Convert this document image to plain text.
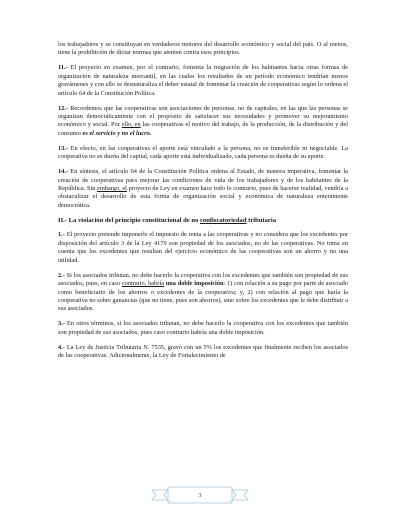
los trabajadores y se constituyan en verdaderos motores del desarrollo económico y social del país. O al menos, tiene la prohibición de dictar normas que atenten contra esos principios.

11.- El proyecto en examen, por el contrario, fomenta la migración de los habitantes hacia otras formas de organización de naturaleza mercantil, en las cuales los resultados de un período económico tendrían menos gravámenes y con ello se desnaturaliza el deber estatal de fomentar la creación de cooperativas según lo ordena el artículo 64 de la Constitución Política.

12.- Recordemos que las cooperativas son asociaciones de personas, no de capitales, en las que las personas se organizan democráticamente con el propósito de satisfacer sus necesidades y promover su mejoramiento económico y social. Por ello, en las cooperativas el motivo del trabajo, de la producción, de la distribución y del consumo es el servicio y no el lucro.

13.- En efecto, en las cooperativas el aporte está vinculado a la persona, no es transferible ni negociable. La cooperativa no es dueña del capital, cada aporte está individualizado, cada persona es dueña de su aporte.

14.- En síntesis, el artículo 64 de la Constitución Política ordena al Estado, de manera imperativa, fomentar la creación de cooperativas para mejorar las condiciones de vida de los trabajadores y de los habitantes de la República. Sin embargo, el proyecto de Ley en examen hace todo lo contrario, pues de hacerse realidad, vendría a obstaculizar el desarrollo de esta forma de organización social y económica de naturaleza enteramente democrática.

II.- La violación del principio constitucional de no confiscatoriedad tributaria

1.- El proyecto pretende imponerle el impuesto de renta a las cooperativas y no considera que los excedentes por disposición del artículo 3 de la Ley 4179 son propiedad de los asociados, no de las cooperativas. No toma en cuenta que los excedentes que resultan del ejercicio económico de las cooperativas son un ahorro y no una utilidad.

2.- Si los asociados tributan, no debe hacerlo la cooperativa con los excedentes que también son propiedad de sus asociados, pues, en caso contrario, habría una doble imposición: 1) con relación a su pago por parte de asociado como beneficiario de los ahorros o excedentes de la cooperativa; y, 2) con relación al pago que haría la cooperativa no sobre ganancias (que no tiene, pues son ahorros), sino sobre los excedentes que le debe distribuir a sus asociados.

3.- En otros términos, si los asociados tributan, no debe hacerlo la cooperativa con los excedentes que también son propiedad de sus asociados, pues caso contrario habría una doble imposición.

4.- La Ley de Justicia Tributaria N. 7535, gravó con un 5% los excedentes que finalmente reciben los asociados de las cooperativas. Adicionalmente, la Ley de Fortalecimiento de

3
